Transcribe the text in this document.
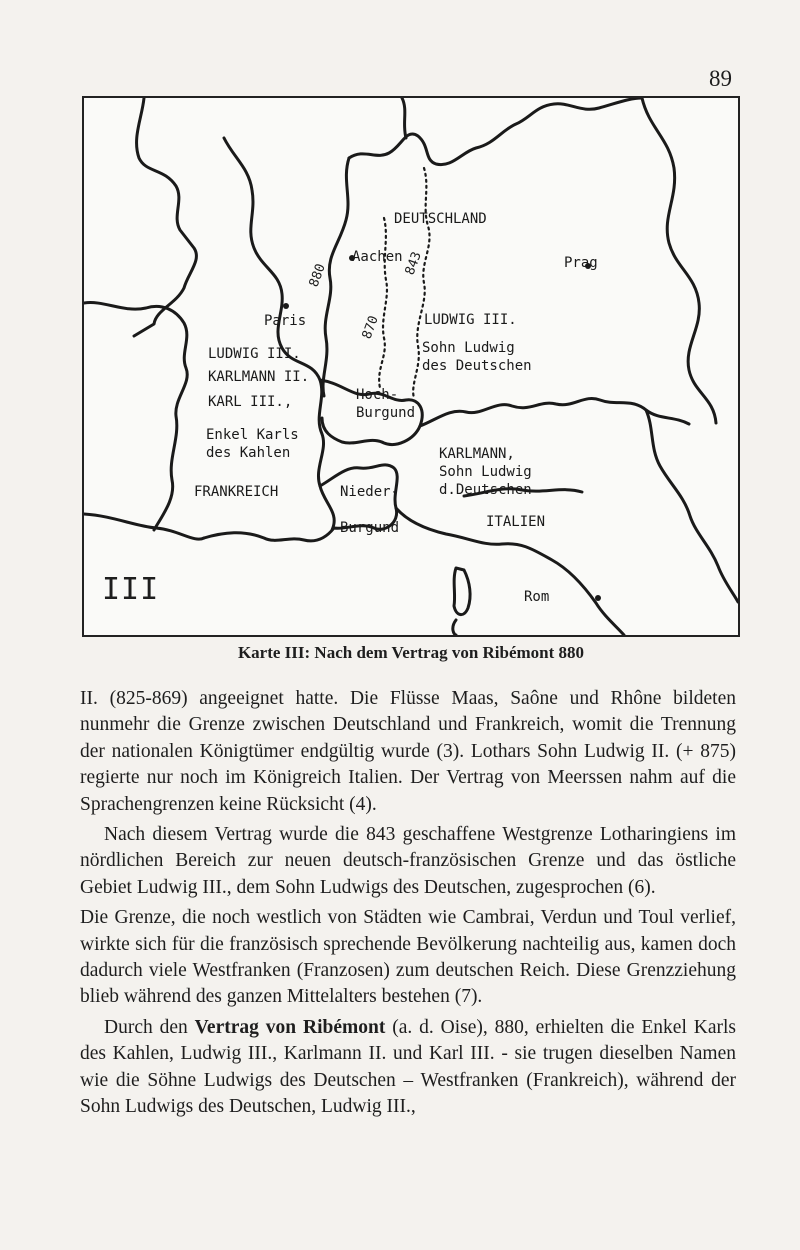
89
DEUTSCHLAND
Aachen	Prag
Paris
LUDWIG III.
KARLMANN II.
KARL III.,
Enkel Karls
des Kahlen
FRANKREICH
LUDWIG III.
Sohn Ludwig
des Deutschen
Hoch-
Burgund
Nieder-

Burgund
KARLMANN,
Sohn Ludwig
d.Deutschen
ITALIEN
Rom
880
870
843
III
Karte III: Nach dem Vertrag von Ribémont 880

II. (825-869) angeeignet hatte. Die Flüsse Maas, Saône und Rhône bildeten nunmehr die Grenze zwischen Deutschland und Frankreich, womit die Trennung der nationalen Königtümer endgültig wurde (3). Lothars Sohn Ludwig II. (+ 875) regierte nur noch im Königreich Italien. Der Vertrag von Meerssen nahm auf die Sprachengrenzen keine Rücksicht (4).

Nach diesem Vertrag wurde die 843 geschaffene Westgrenze Lotharingiens im nördlichen Bereich zur neuen deutsch-französischen Grenze und das östliche Gebiet Ludwig III., dem Sohn Ludwigs des Deutschen, zugesprochen (6).

Die Grenze, die noch westlich von Städten wie Cambrai, Verdun und Toul verlief, wirkte sich für die französisch sprechende Bevölkerung nachteilig aus, kamen doch dadurch viele Westfranken (Franzosen) zum deutschen Reich. Diese Grenzziehung blieb während des ganzen Mittelalters bestehen (7).

Durch den Vertrag von Ribémont (a. d. Oise), 880, erhielten die Enkel Karls des Kahlen, Ludwig III., Karlmann II. und Karl III. - sie trugen dieselben Namen wie die Söhne Ludwigs des Deutschen – Westfranken (Frankreich), während der Sohn Ludwigs des Deutschen, Ludwig III.,
